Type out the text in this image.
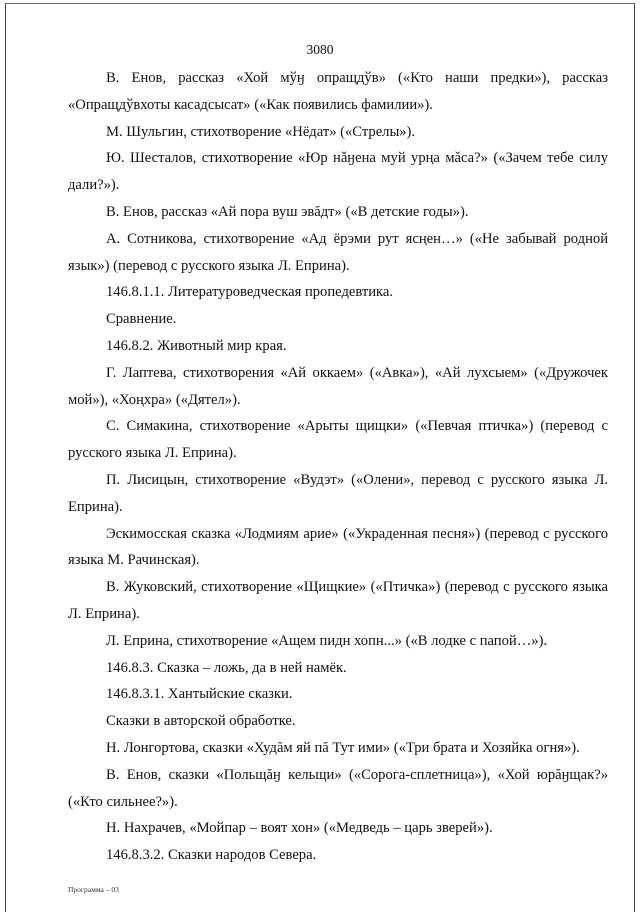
3080

В. Енов, рассказ «Хой мўӈ опращдўв» («Кто наши предки»), рассказ «Опращдўвхоты касадсысат» («Как появились фамилии»).

М. Шульгин, стихотворение «Нёдат» («Стрелы»).

Ю. Шесталов, стихотворение «Юр нǎӈена муй урңа мǎса?» («Зачем тебе силу дали?»).

В. Енов, рассказ «Ай пора вуш эвăдт» («В детские годы»).

А. Сотникова, стихотворение «Ад ёрэми рут ясңен…» («Не забывай родной язык») (перевод с русского языка Л. Еприна).

146.8.1.1. Литературоведческая пропедевтика.

Сравнение.

146.8.2. Животный мир края.

Г. Лаптева, стихотворения «Ай оккаем» («Авка»), «Ай лухсыем» («Дружочек мой»), «Хоңхра» («Дятел»).

С. Симакина, стихотворение «Арыты щищки» («Певчая птичка») (перевод с русского языка Л. Еприна).

П. Лисицын, стихотворение «Вудэт» («Олени», перевод с русского языка Л. Еприна).

Эскимосская сказка «Лодмиям арие» («Украденная песня») (перевод с русского языка М. Рачинская).

В. Жуковский, стихотворение «Щищкие» («Птичка») (перевод с русского языка Л. Еприна).

Л. Еприна, стихотворение «Ащем пидн хопн...» («В лодке с папой…»).

146.8.3. Сказка – ложь, да в ней намёк.

146.8.3.1. Хантыйские сказки.

Сказки в авторской обработке.

Н. Лонгортова, сказки «Худăм яй пă Тут ими» («Три брата и Хозяйка огня»).

В. Енов, сказки «Польщăӈ кельщи» («Сорога-сплетница»), «Хой юрăӈщак?» («Кто сильнее?»).

Н. Нахрачев, «Мойпар – воят хон» («Медведь – царь зверей»).

146.8.3.2. Сказки народов Севера.

Программа – 03
